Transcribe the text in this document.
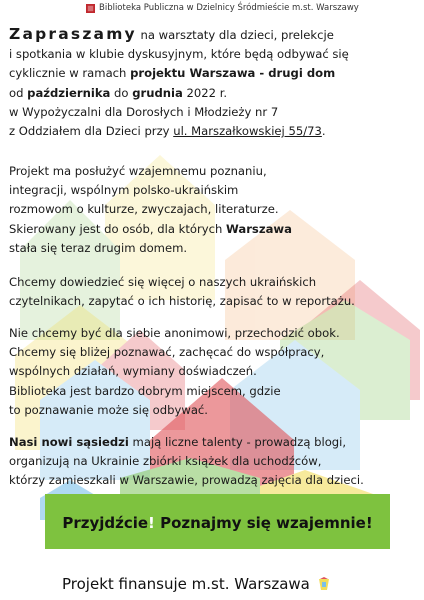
Biblioteka Publiczna w Dzielnicy Śródmieście m.st. Warszawy

Zapraszamy na warsztaty dla dzieci, prelekcje
i spotkania w klubie dyskusyjnym, które będą odbywać się
cyklicznie w ramach projektu Warszawa - drugi dom
od października do grudnia 2022 r.
w Wypożyczalni dla Dorosłych i Młodzieży nr 7
z Oddziałem dla Dzieci przy ul. Marszałkowskiej 55/73.

Projekt ma posłużyć wzajemnemu poznaniu,
integracji, wspólnym polsko-ukraińskim
rozmowom o kulturze, zwyczajach, literaturze.
Skierowany jest do osób, dla których Warszawa
stała się teraz drugim domem.

Chcemy dowiedzieć się więcej o naszych ukraińskich
czytelnikach, zapytać o ich historię, zapisać to w reportażu.

Nie chcemy być dla siebie anonimowi, przechodzić obok.
Chcemy się bliżej poznawać, zachęcać do współpracy,
wspólnych działań, wymiany doświadczeń.
Biblioteka jest bardzo dobrym miejscem, gdzie
to poznawanie może się odbywać.

Nasi nowi sąsiedzi mają liczne talenty - prowadzą blogi,
organizują na Ukrainie zbiórki książek dla uchodźców,
którzy zamieszkali w Warszawie, prowadzą zajęcia dla dzieci.

Przyjdźcie! Poznajmy się wzajemnie!
Projekt finansuje m.st. Warszawa
